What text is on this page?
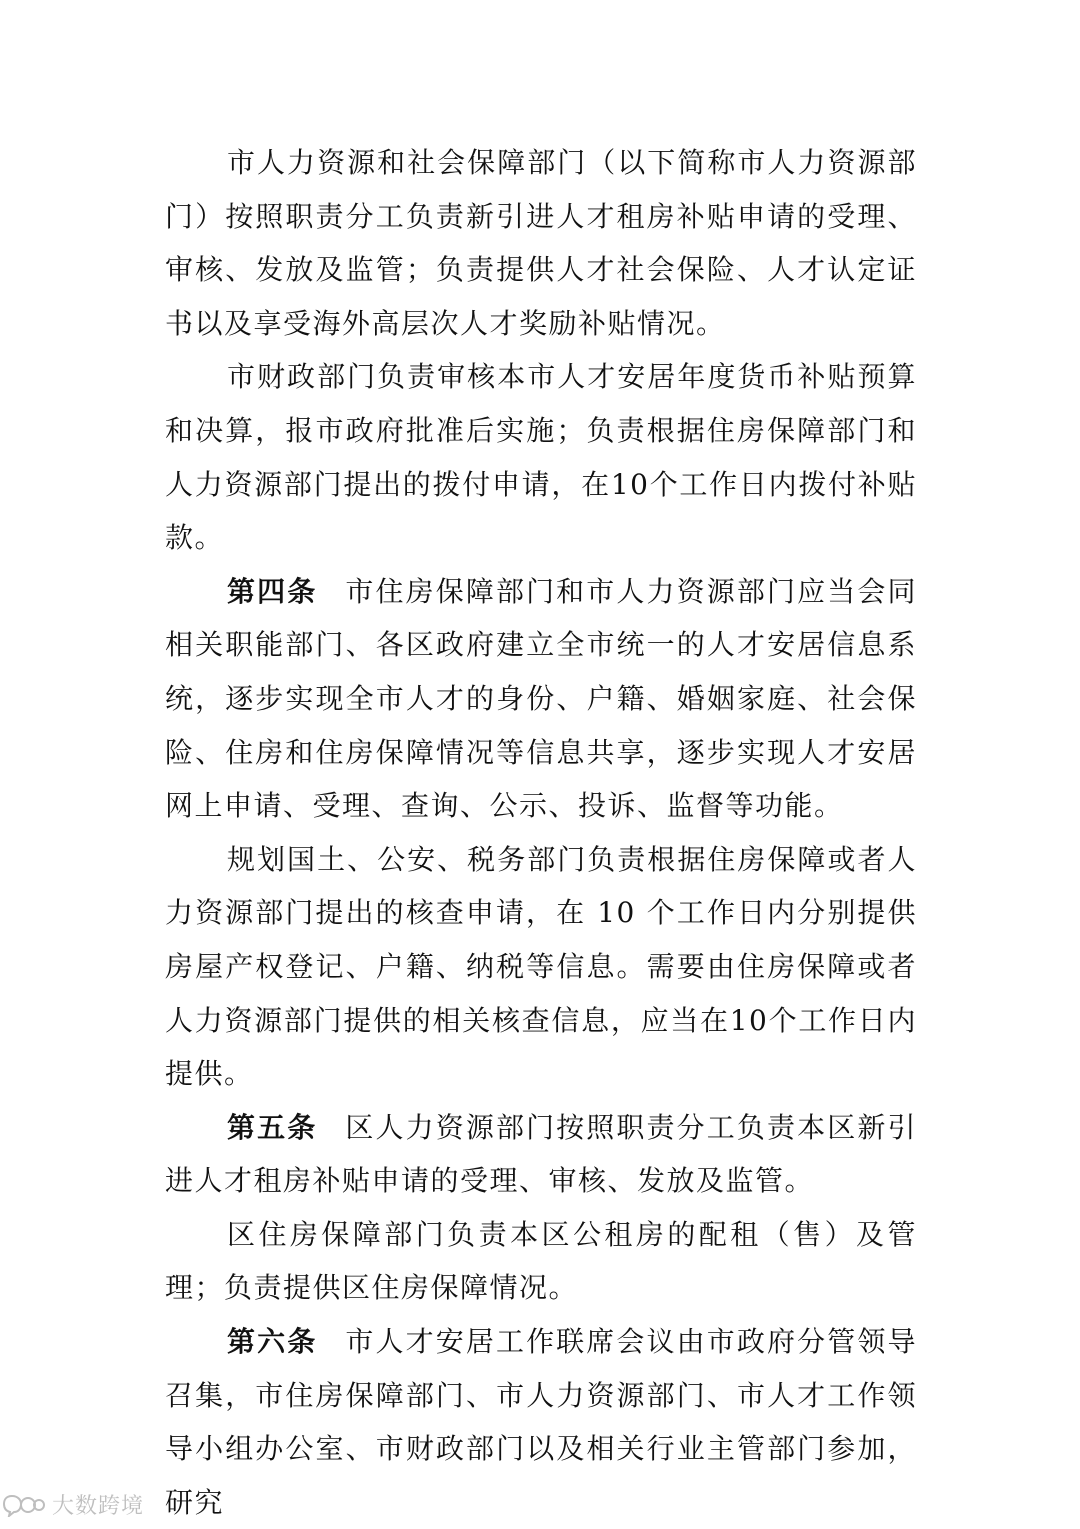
市人力资源和社会保障部门（以下简称市人力资源部门）按照职责分工负责新引进人才租房补贴申请的受理、审核、发放及监管；负责提供人才社会保险、人才认定证书以及享受海外高层次人才奖励补贴情况。

市财政部门负责审核本市人才安居年度货币补贴预算和决算，报市政府批准后实施；负责根据住房保障部门和人力资源部门提出的拨付申请，在10个工作日内拨付补贴款。

第四条 市住房保障部门和市人力资源部门应当会同相关职能部门、各区政府建立全市统一的人才安居信息系统，逐步实现全市人才的身份、户籍、婚姻家庭、社会保险、住房和住房保障情况等信息共享，逐步实现人才安居网上申请、受理、查询、公示、投诉、监督等功能。

规划国土、公安、税务部门负责根据住房保障或者人力资源部门提出的核查申请，在 10 个工作日内分别提供房屋产权登记、户籍、纳税等信息。需要由住房保障或者人力资源部门提供的相关核查信息，应当在10个工作日内提供。

第五条 区人力资源部门按照职责分工负责本区新引进人才租房补贴申请的受理、审核、发放及监管。

区住房保障部门负责本区公租房的配租（售）及管理；负责提供区住房保障情况。

第六条 市人才安居工作联席会议由市政府分管领导召集，市住房保障部门、市人力资源部门、市人才工作领导小组办公室、市财政部门以及相关行业主管部门参加，研究

大数跨境
